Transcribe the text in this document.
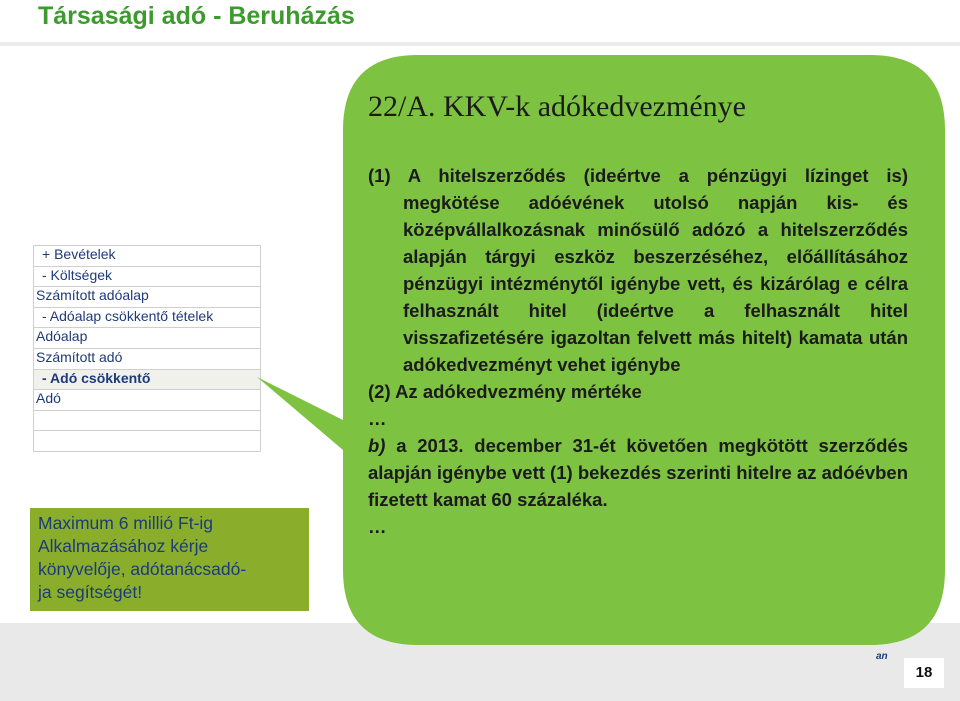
Társasági adó - Beruházás
+ Bevételek
- Költségek
Számított adóalap
- Adóalap csökkentő tételek
Adóalap
Számított adó
- Adó csökkentő
Adó
Maximum 6 millió Ft-ig
Alkalmazásához kérje
könyvelője, adótanácsadó-
ja segítségét!
an
18
22/A. KKV-k adókedvezménye
(1) A hitelszerződés (ideértve a pénzügyi lízinget is) megkötése adóévének utolsó napján kis- és középvállalkozásnak minősülő adózó a hitelszerződés alapján tárgyi eszköz beszerzéséhez, előállításához pénzügyi intézménytől igénybe vett, és kizárólag e célra felhasznált hitel (ideértve a felhasznált hitel visszafizetésére igazoltan felvett más hitelt) kamata után adókedvezményt vehet igénybe
(2) Az adókedvezmény mértéke
…
b) a 2013. december 31-ét követően megkötött szerződés alapján igénybe vett (1) bekezdés szerinti hitelre az adóévben fizetett kamat 60 százaléka.
…
